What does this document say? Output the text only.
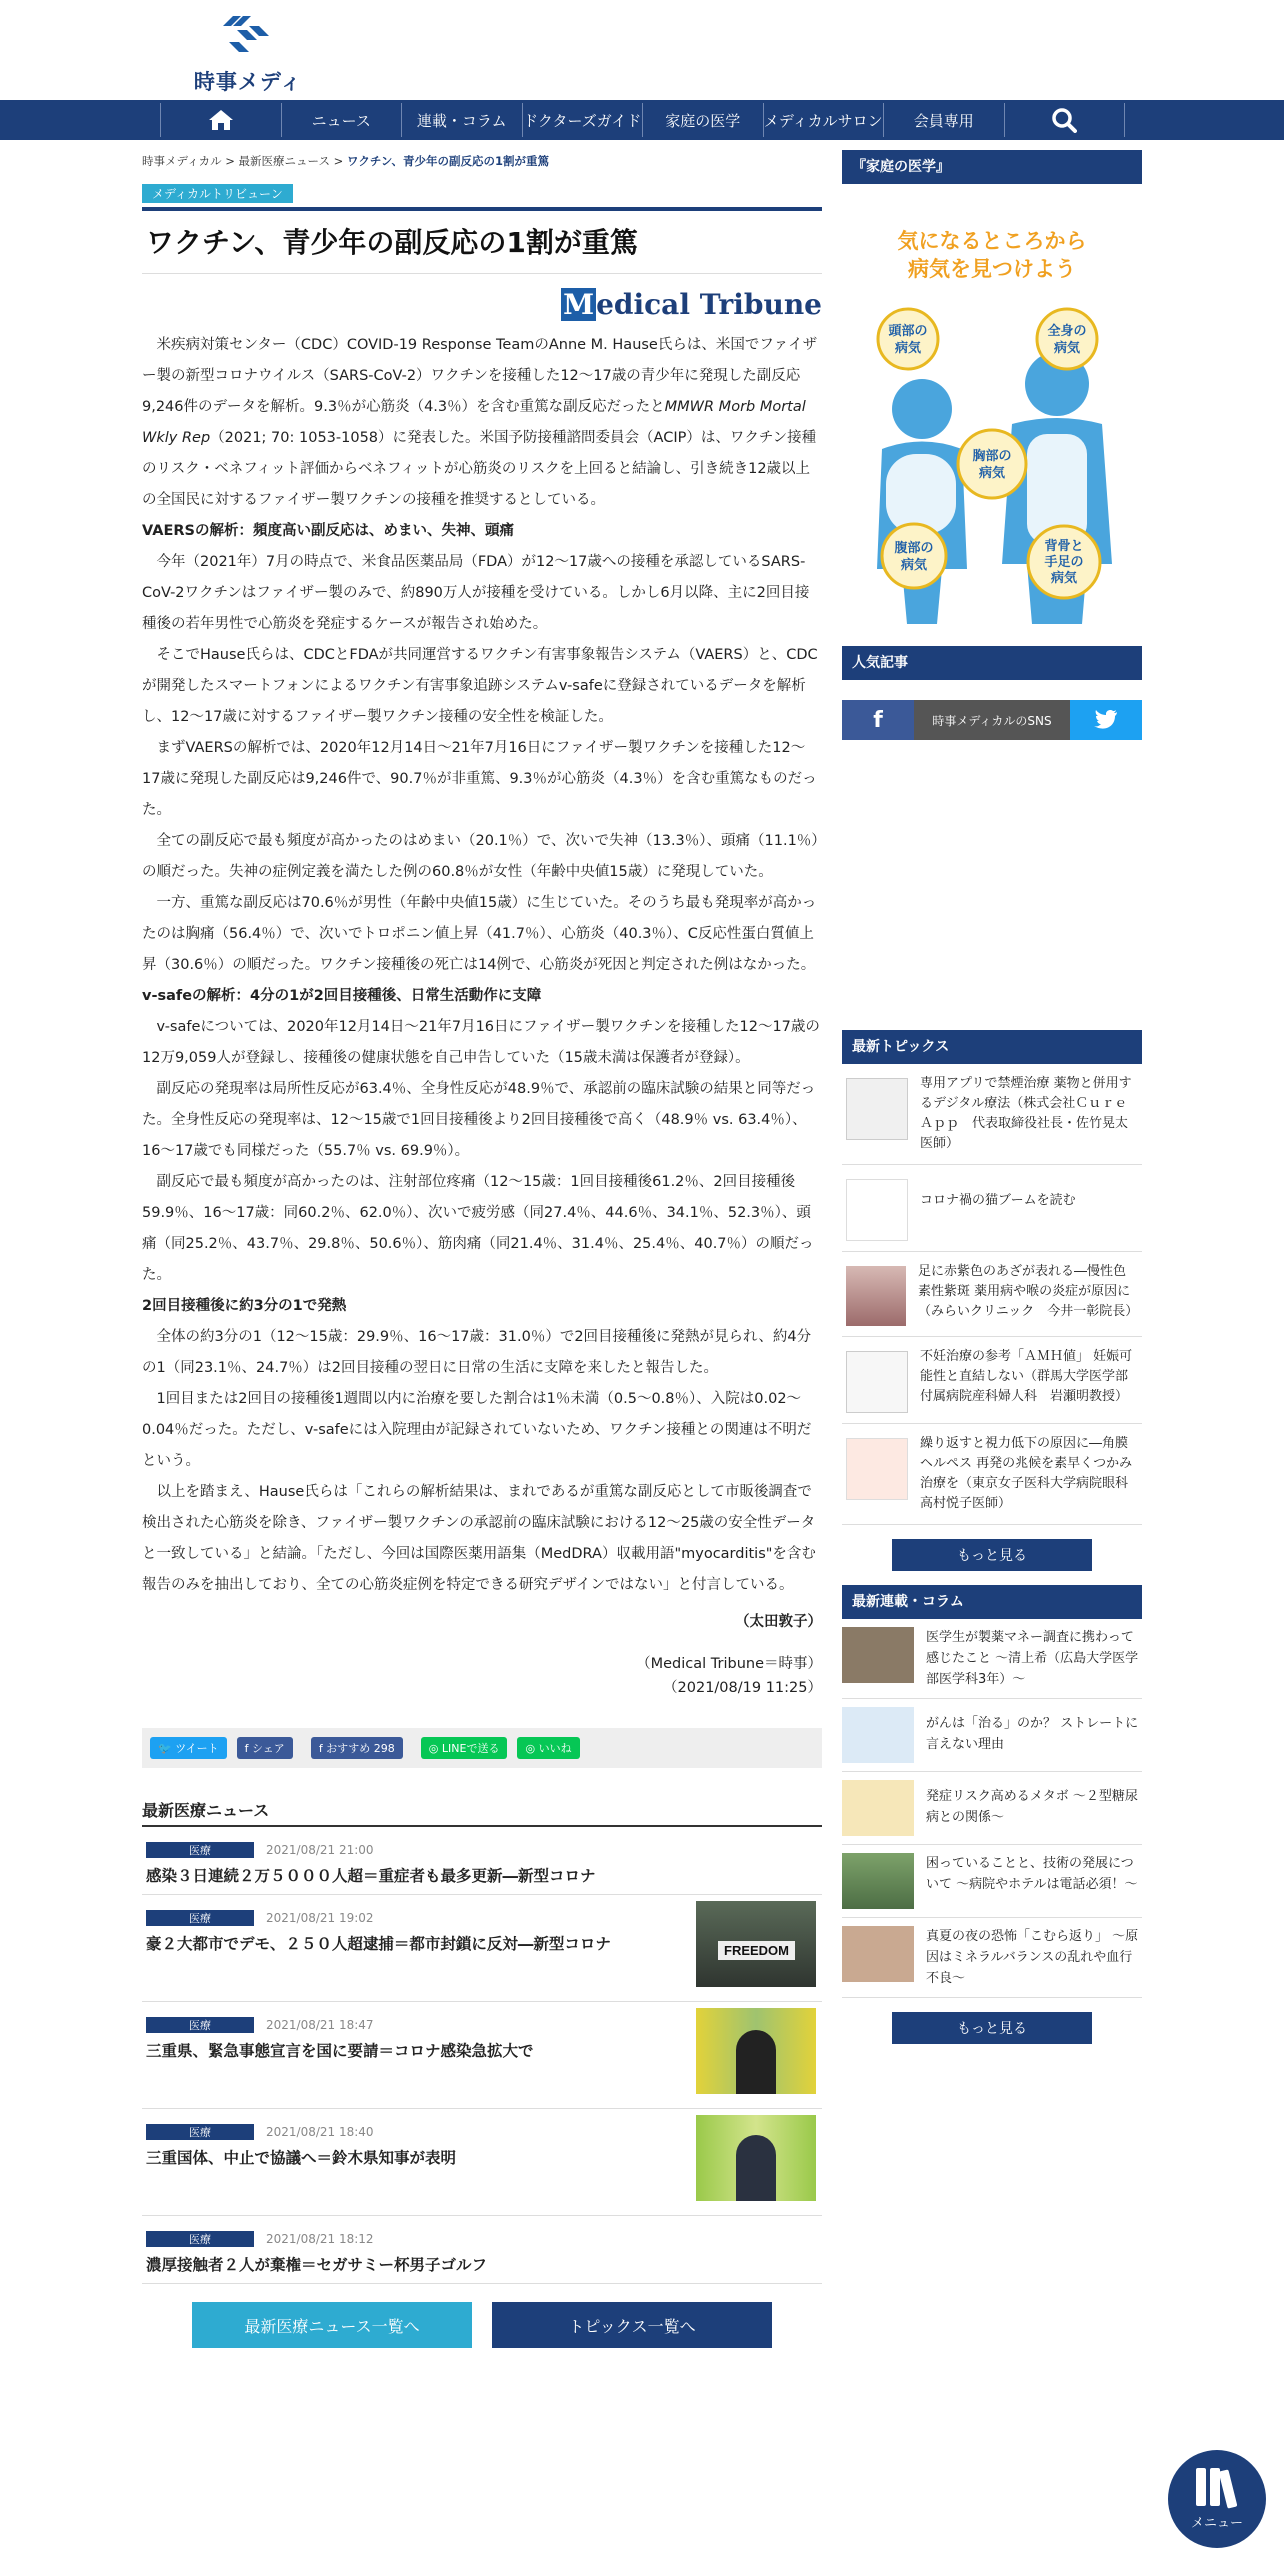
時事メディ
ニュース	連載・コラム	ドクターズガイド	家庭の医学	メディカルサロン	会員専用
時事メディカル > 最新医療ニュース > ワクチン、青少年の副反応の1割が重篤
メディカルトリビューン
ワクチン、青少年の副反応の1割が重篤
Medical Tribune

米疾病対策センター（CDC）COVID-19 Response TeamのAnne M. Hause氏らは、米国でファイザー製の新型コロナウイルス（SARS-CoV-2）ワクチンを接種した12～17歳の青少年に発現した副反応9,246件のデータを解析。9.3％が心筋炎（4.3％）を含む重篤な副反応だったとMMWR Morb Mortal Wkly Rep（2021; 70: 1053-1058）に発表した。米国予防接種諮問委員会（ACIP）は、ワクチン接種のリスク・ベネフィット評価からベネフィットが心筋炎のリスクを上回ると結論し、引き続き12歳以上の全国民に対するファイザー製ワクチンの接種を推奨するとしている。

VAERSの解析：頻度高い副反応は、めまい、失神、頭痛

今年（2021年）7月の時点で、米食品医薬品局（FDA）が12～17歳への接種を承認しているSARS-CoV-2ワクチンはファイザー製のみで、約890万人が接種を受けている。しかし6月以降、主に2回目接種後の若年男性で心筋炎を発症するケースが報告され始めた。

そこでHause氏らは、CDCとFDAが共同運営するワクチン有害事象報告システム（VAERS）と、CDCが開発したスマートフォンによるワクチン有害事象追跡システムv-safeに登録されているデータを解析し、12～17歳に対するファイザー製ワクチン接種の安全性を検証した。

まずVAERSの解析では、2020年12月14日～21年7月16日にファイザー製ワクチンを接種した12～17歳に発現した副反応は9,246件で、90.7％が非重篤、9.3％が心筋炎（4.3％）を含む重篤なものだった。

全ての副反応で最も頻度が高かったのはめまい（20.1％）で、次いで失神（13.3％）、頭痛（11.1％）の順だった。失神の症例定義を満たした例の60.8％が女性（年齢中央値15歳）に発現していた。

一方、重篤な副反応は70.6％が男性（年齢中央値15歳）に生じていた。そのうち最も発現率が高かったのは胸痛（56.4％）で、次いでトロポニン値上昇（41.7％）、心筋炎（40.3％）、C反応性蛋白質値上昇（30.6％）の順だった。ワクチン接種後の死亡は14例で、心筋炎が死因と判定された例はなかった。

v-safeの解析：4分の1が2回目接種後、日常生活動作に支障

v-safeについては、2020年12月14日～21年7月16日にファイザー製ワクチンを接種した12～17歳の12万9,059人が登録し、接種後の健康状態を自己申告していた（15歳未満は保護者が登録）。

副反応の発現率は局所性反応が63.4％、全身性反応が48.9％で、承認前の臨床試験の結果と同等だった。全身性反応の発現率は、12～15歳で1回目接種後より2回目接種後で高く（48.9％ vs. 63.4％）、16～17歳でも同様だった（55.7％ vs. 69.9％）。

副反応で最も頻度が高かったのは、注射部位疼痛（12～15歳：1回目接種後61.2％、2回目接種後59.9％、16～17歳：同60.2％、62.0％）、次いで疲労感（同27.4％、44.6％、34.1％、52.3％）、頭痛（同25.2％、43.7％、29.8％、50.6％）、筋肉痛（同21.4％、31.4％、25.4％、40.7％）の順だった。

2回目接種後に約3分の1で発熱

全体の約3分の1（12～15歳：29.9％、16～17歳：31.0％）で2回目接種後に発熱が見られ、約4分の1（同23.1％、24.7％）は2回目接種の翌日に日常の生活に支障を来したと報告した。

1回目または2回目の接種後1週間以内に治療を要した割合は1％未満（0.5～0.8％）、入院は0.02～0.04％だった。ただし、v-safeには入院理由が記録されていないため、ワクチン接種との関連は不明だという。

以上を踏まえ、Hause氏らは「これらの解析結果は、まれであるが重篤な副反応として市販後調査で検出された心筋炎を除き、ファイザー製ワクチンの承認前の臨床試験における12～25歳の安全性データと一致している」と結論。「ただし、今回は国際医薬用語集（MedDRA）収載用語"myocarditis"を含む報告のみを抽出しており、全ての心筋炎症例を特定できる研究デザインではない」と付言している。

（太田敦子）

（Medical Tribune＝時事）
（2021/08/19 11:25）

🐦 ツイート	f シェア	f おすすめ 298	◎ LINEで送る	◎ いいね
最新医療ニュース
医療	2021/08/21 21:00
感染３日連続２万５０００人超＝重症者も最多更新―新型コロナ
医療	2021/08/21 19:02
豪２大都市でデモ、２５０人超逮捕＝都市封鎖に反対―新型コロナ	FREEDOM
医療	2021/08/21 18:47
三重県、緊急事態宣言を国に要請＝コロナ感染急拡大で
医療	2021/08/21 18:40
三重国体、中止で協議へ＝鈴木県知事が表明
医療	2021/08/21 18:12
濃厚接触者２人が棄権＝セガサミー杯男子ゴルフ
最新医療ニュース一覧へ	トピックス一覧へ
『家庭の医学』
気になるところから
病気を見つけよう
頭部の
病気
全身の
病気
胸部の
病気
腹部の
病気
背骨と
手足の
病気
人気記事
f	時事メディカルのSNS
最新トピックス
専用アプリで禁煙治療 薬物と併用するデジタル療法（株式会社ＣｕｒｅＡｐｐ　代表取締役社長・佐竹晃太医師）
コロナ禍の猫ブームを読む
足に赤紫色のあざが表れる―慢性色素性紫斑 薬用病や喉の炎症が原因に（みらいクリニック　今井一彰院長）
不妊治療の参考「ＡＭＨ値」 妊娠可能性と直結しない（群馬大学医学部付属病院産科婦人科　岩瀬明教授）
繰り返すと視力低下の原因に―角膜ヘルペス 再発の兆候を素早くつかみ治療を（東京女子医科大学病院眼科　高村悦子医師）
もっと見る
最新連載・コラム
医学生が製薬マネー調査に携わって感じたこと ～清上希（広島大学医学部医学科3年）～
がんは「治る」のか？ ストレートに言えない理由
発症リスク高めるメタボ ～２型糖尿病との関係～
困っていることと、技術の発展について ～病院やホテルは電話必須！～
真夏の夜の恐怖「こむら返り」 ～原因はミネラルバランスの乱れや血行不良～
もっと見る
メニュー
